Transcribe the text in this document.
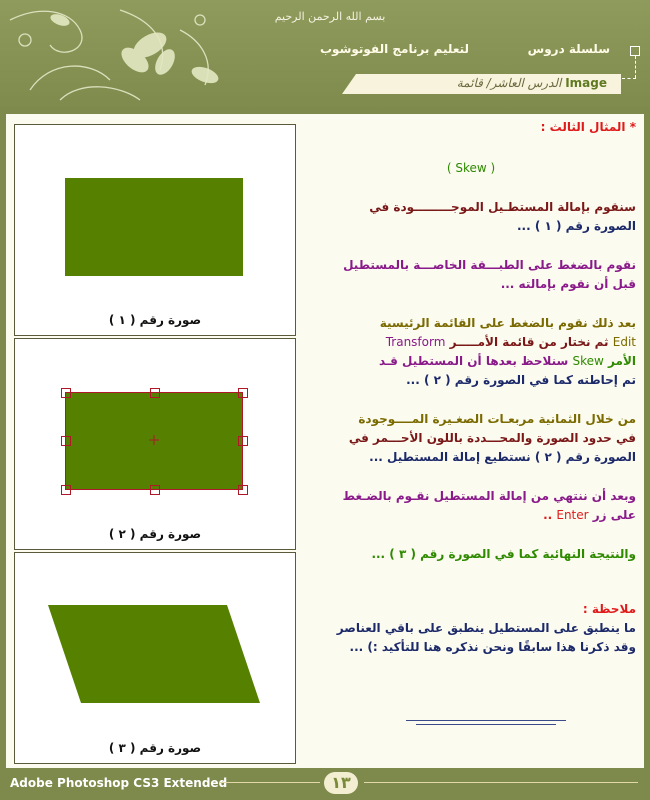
بسم الله الرحمن الرحيم
سلسلة دروس
لتعليم برنامج الفوتوشوب
الدرس العاشر/ قائمة	Image
صورة رقم ( ١ )
صورة رقم ( ٢ )
صورة رقم ( ٣ )
* المثال الثالث :
( Skew )
سنقوم بإمالة المستطـيل الموجـــــــــودة في
الصورة رقم ( ١ ) ...
نقوم بالضغط على الطبـــقة الخاصـــة بالمستطيل
قبل أن نقوم بإمالته ...
بعد ذلك نقوم بالضغط على القائمة الرئيسية
Edit ثم نختار من قائمة الأمـــــر Transform
الأمر Skew سنلاحظ بعدها أن المستطيل قـد
تم إحاطته كما في الصورة رقم ( ٢ ) ...
من خلال الثمانية مربعـات الصغـيرة المــــوجودة
في حدود الصورة والمحـــددة باللون الأحـــمر في
الصورة رقم ( ٢ ) نستطيع إمالة المستطيل ...
وبعد أن ننتهي من إمالة المستطيل نقـوم بالضـغط
على زر Enter ..
والنتيجة النهائية كما في الصورة رقم ( ٣ ) ...
ملاحظة :
ما ينطبق على المستطيل ينطبق على باقي العناصر
وقد ذكرنا هذا سابقًا ونحن نذكره هنا للتأكيد :) ...
Adobe Photoshop CS3 Extended	١٣
